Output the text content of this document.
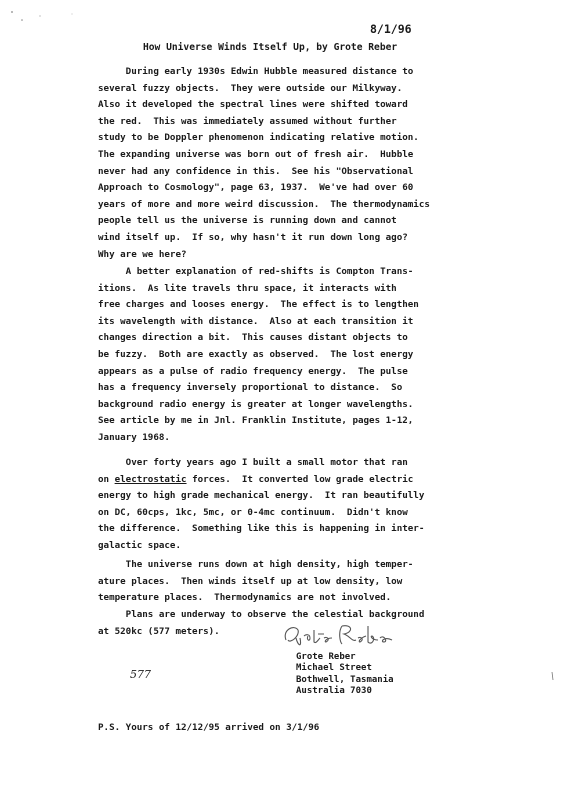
8/1/96
How Universe Winds Itself Up, by Grote Reber
During early 1930s Edwin Hubble measured distance to
several fuzzy objects.  They were outside our Milkyway.
Also it developed the spectral lines were shifted toward
the red.  This was immediately assumed without further
study to be Doppler phenomenon indicating relative motion.
The expanding universe was born out of fresh air.  Hubble
never had any confidence in this.  See his "Observational
Approach to Cosmology", page 63, 1937.  We've had over 60
years of more and more weird discussion.  The thermodynamics
people tell us the universe is running down and cannot
wind itself up.  If so, why hasn't it run down long ago?
Why are we here?
A better explanation of red-shifts is Compton Trans-
itions.  As lite travels thru space, it interacts with
free charges and looses energy.  The effect is to lengthen
its wavelength with distance.  Also at each transition it
changes direction a bit.  This causes distant objects to
be fuzzy.  Both are exactly as observed.  The lost energy
appears as a pulse of radio frequency energy.  The pulse
has a frequency inversely proportional to distance.  So
background radio energy is greater at longer wavelengths.
See article by me in Jnl. Franklin Institute, pages 1-12,
January 1968.
Over forty years ago I built a small motor that ran
on electrostatic forces.  It converted low grade electric
energy to high grade mechanical energy.  It ran beautifully
on DC, 60cps, 1kc, 5mc, or 0-4mc continuum.  Didn't know
the difference.  Something like this is happening in inter-
galactic space.
The universe runs down at high density, high temper-
ature places.  Then winds itself up at low density, low
temperature places.  Thermodynamics are not involved.
Plans are underway to observe the celestial background
at 520kc (577 meters).
577
Grote Reber
Michael Street
Bothwell, Tasmania
Australia 7030
P.S. Yours of 12/12/95 arrived on 3/1/96
